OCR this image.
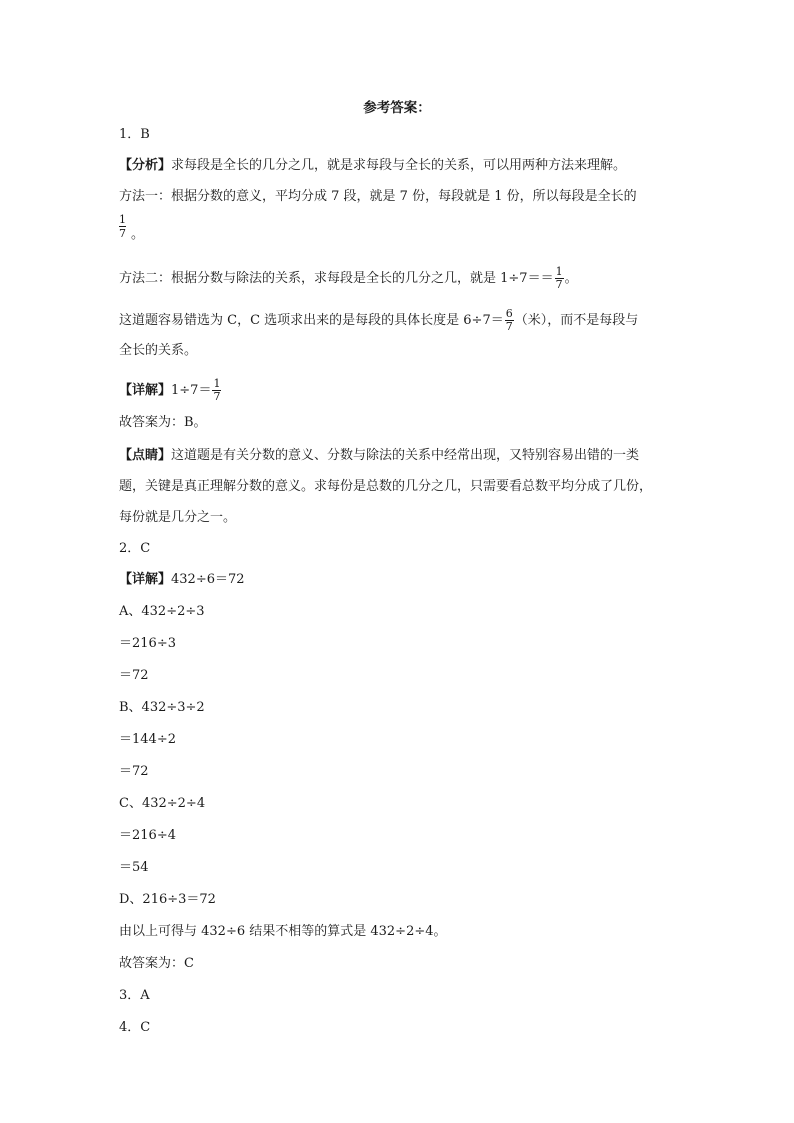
参考答案：
1．B
【分析】求每段是全长的几分之几，就是求每段与全长的关系，可以用两种方法来理解。
方法一：根据分数的意义，平均分成 7 段，就是 7 份，每段就是 1 份，所以每段是全长的
$\frac{1}{7}$ 。
方法二：根据分数与除法的关系，求每段是全长的几分之几，就是 $1\div 7== \frac{1}{7}$ 。
这道题容易错选为 C，C 选项求出来的是每段的具体长度是 $6\div 7= \frac{6}{7}$ （米），而不是每段与
全长的关系。
【详解】$1\div 7= \frac{1}{7}$
故答案为：B。
【点睛】这道题是有关分数的意义、分数与除法的关系中经常出现，又特别容易出错的一类
题，关键是真正理解分数的意义。求每份是总数的几分之几，只需要看总数平均分成了几份，
每份就是几分之一。
2．C
【详解】432÷6＝72
A、432÷2÷3
＝216÷3
＝72
B、432÷3÷2
＝144÷2
＝72
C、432÷2÷4
＝216÷4
＝54
D、216÷3＝72
由以上可得与 432÷6 结果不相等的算式是 432÷2÷4。
故答案为：C
3．A
4．C
